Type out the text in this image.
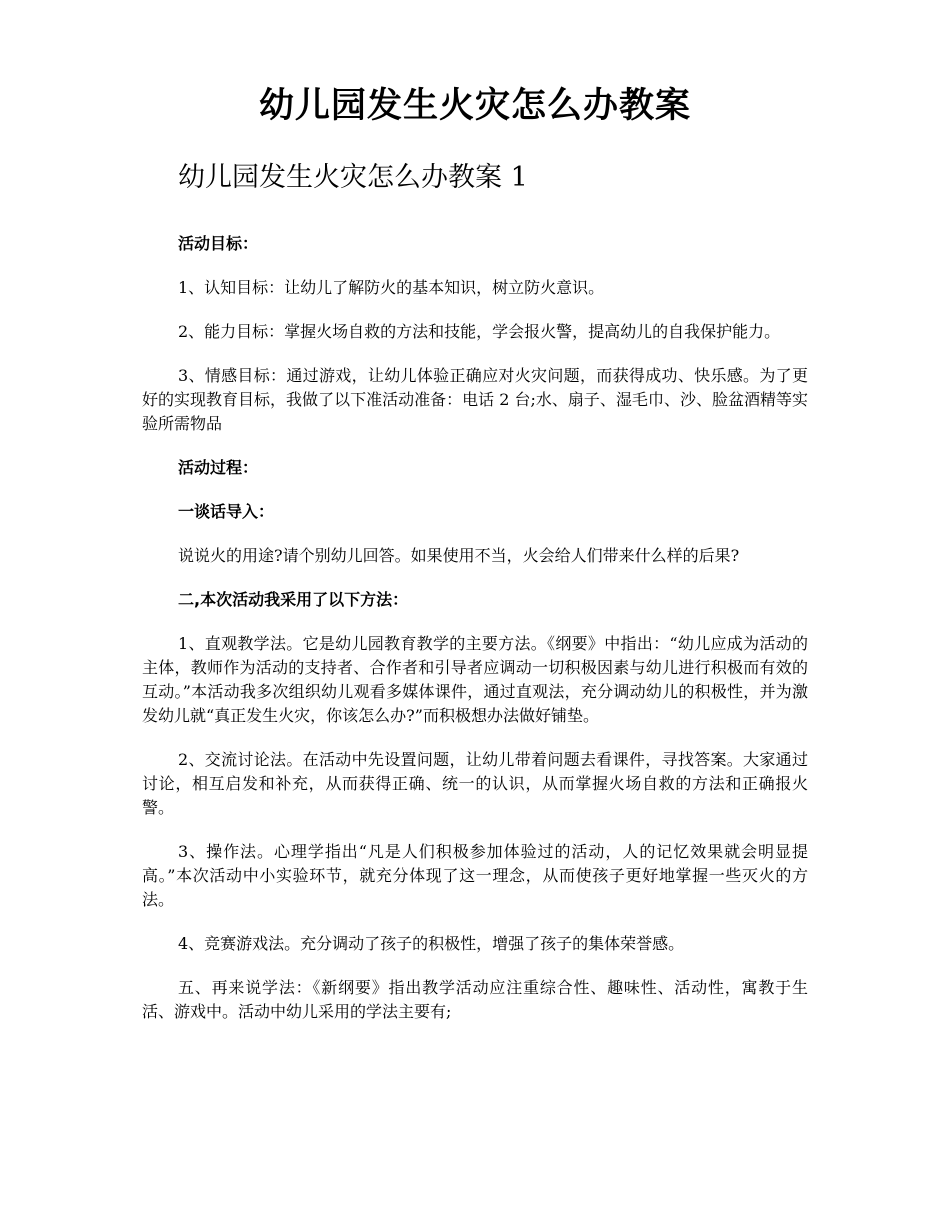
幼儿园发生火灾怎么办教案
幼儿园发生火灾怎么办教案 1

活动目标：

1、认知目标：让幼儿了解防火的基本知识，树立防火意识。

2、能力目标：掌握火场自救的方法和技能，学会报火警，提高幼儿的自我保护能力。

3、情感目标：通过游戏，让幼儿体验正确应对火灾问题，而获得成功、快乐感。为了更好的实现教育目标，我做了以下准活动准备：电话 2 台;水、扇子、湿毛巾、沙、脸盆酒精等实验所需物品

活动过程：

一谈话导入：

说说火的用途?请个别幼儿回答。如果使用不当，火会给人们带来什么样的后果?

二,本次活动我采用了以下方法：

1、直观教学法。它是幼儿园教育教学的主要方法。《纲要》中指出：“幼儿应成为活动的主体，教师作为活动的支持者、合作者和引导者应调动一切积极因素与幼儿进行积极而有效的互动。”本活动我多次组织幼儿观看多媒体课件，通过直观法，充分调动幼儿的积极性，并为激发幼儿就“真正发生火灾，你该怎么办?”而积极想办法做好铺垫。

2、交流讨论法。在活动中先设置问题，让幼儿带着问题去看课件，寻找答案。大家通过讨论，相互启发和补充，从而获得正确、统一的认识，从而掌握火场自救的方法和正确报火警。

3、操作法。心理学指出“凡是人们积极参加体验过的活动，人的记忆效果就会明显提高。”本次活动中小实验环节，就充分体现了这一理念，从而使孩子更好地掌握一些灭火的方法。

4、竞赛游戏法。充分调动了孩子的积极性，增强了孩子的集体荣誉感。

五、再来说学法：《新纲要》指出教学活动应注重综合性、趣味性、活动性，寓教于生活、游戏中。活动中幼儿采用的学法主要有;
